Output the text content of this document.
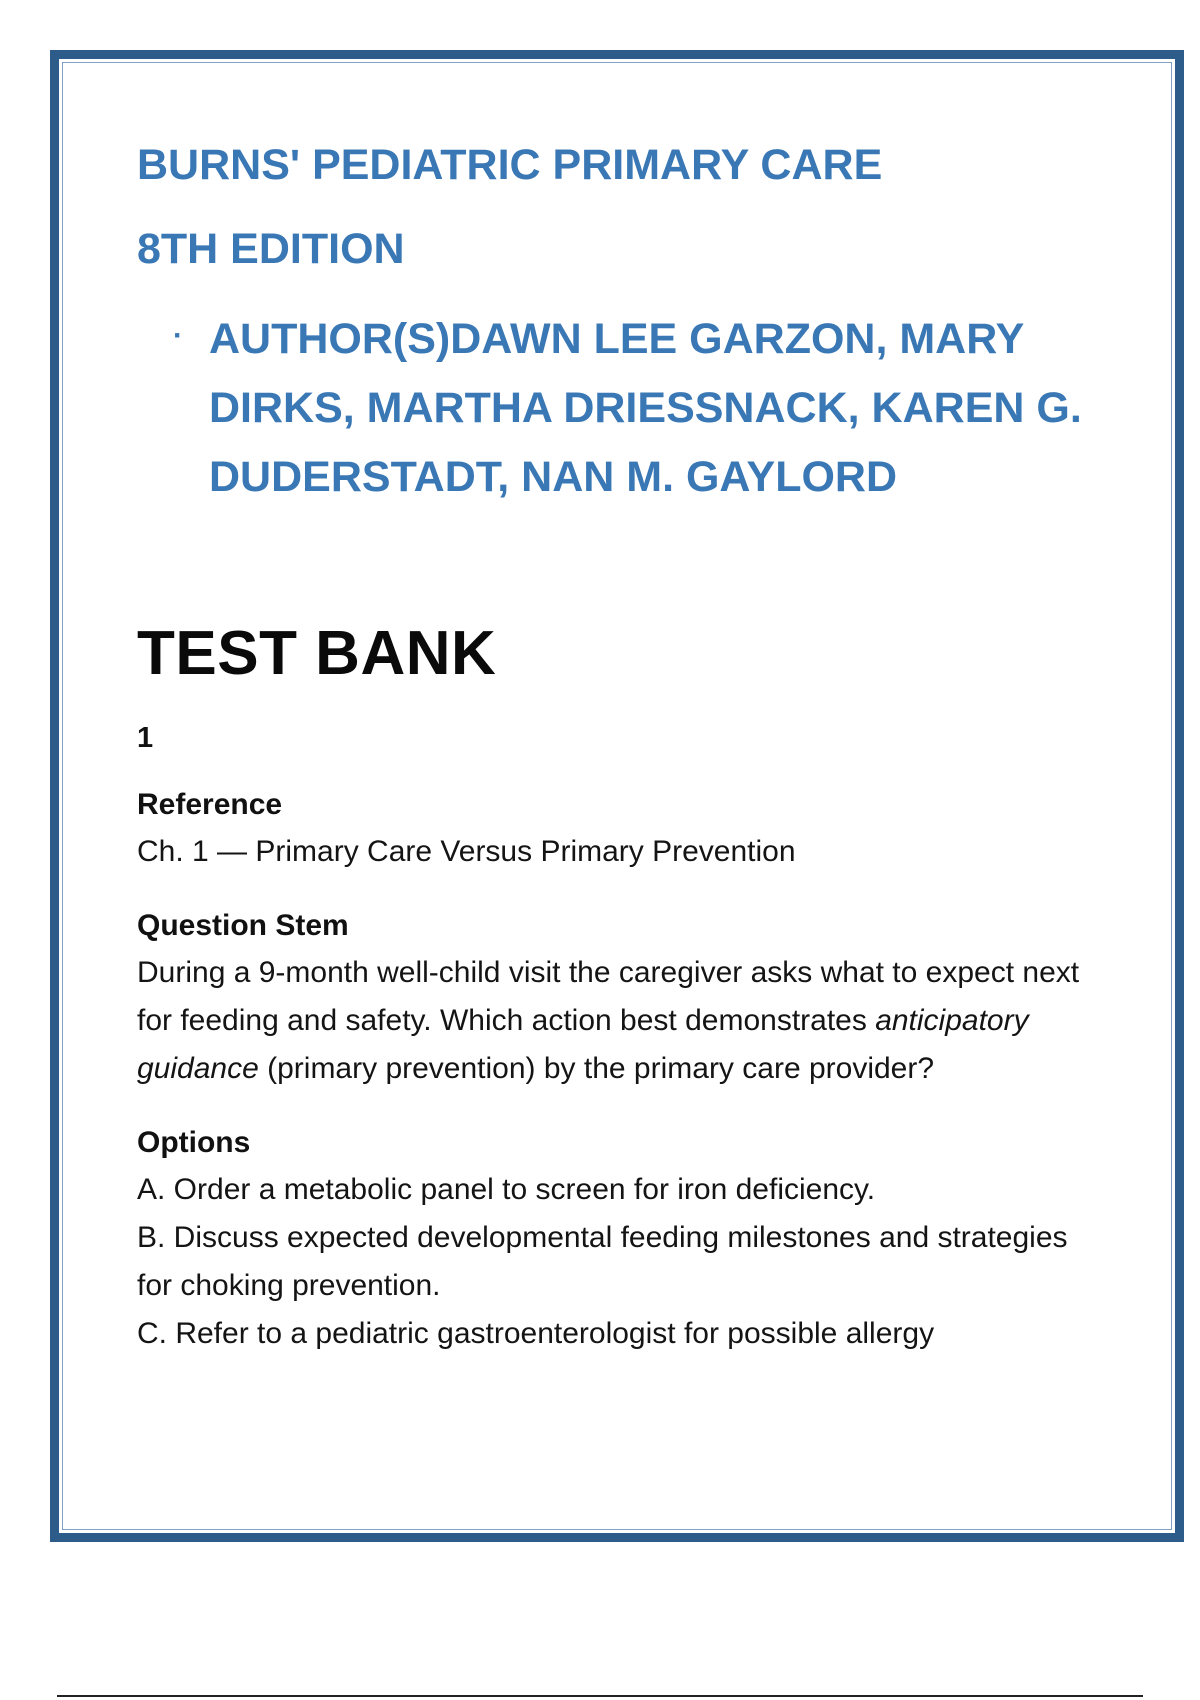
BURNS' PEDIATRIC PRIMARY CARE

8TH EDITION

· AUTHOR(S)DAWN LEE GARZON, MARY DIRKS, MARTHA DRIESSNACK, KAREN G. DUDERSTADT, NAN M. GAYLORD

TEST BANK

1

Reference

Ch. 1 — Primary Care Versus Primary Prevention

Question Stem

During a 9-month well-child visit the caregiver asks what to expect next for feeding and safety. Which action best demonstrates anticipatory guidance (primary prevention) by the primary care provider?

Options

A. Order a metabolic panel to screen for iron deficiency.

B. Discuss expected developmental feeding milestones and strategies for choking prevention.

C. Refer to a pediatric gastroenterologist for possible allergy
